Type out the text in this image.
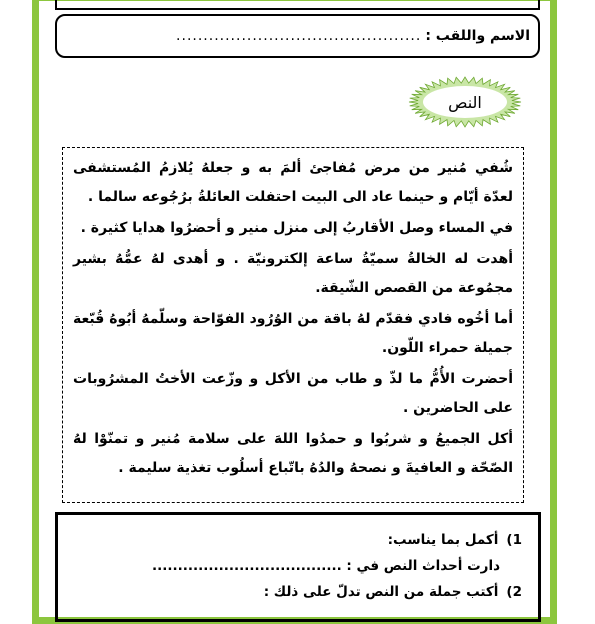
الاسم واللقب :
.............................................
النص

شُفي مُنير من مرض مُفاجئ ألمَ به و جعلهُ يُلازمُ المُستشفى لعدّة أيّام و حينما عاد الى البيت احتفلت العائلةُ برُجُوعه سالما .

في المساء وصل الأقاربُ إلى منزل منير و أحضرُوا هدايا كثيرة .

أهدت له الخالةُ سميّةُ ساعة إلكترونيّة . و أهدى لهُ عمُّهُ بشير مجمُوعة من القصص الشّيقة.

أما أخُوه فادي فقدّم لهُ باقة من الوُرُود الفوّاحة وسلّمهُ أبُوهُ قُبّعة جميلة حمراء اللّون.

أحضرت الأُمُّ ما لذّ و طاب من الأكل و وزّعت الأختُ المشرُوبات على الحاضرين .

أكل الجميعُ و شربُوا و حمدُوا اللهَ على سلامة مُنير و تمنّوْا لهُ الصّحّة و العافيةَ و نصحهُ والدُهُ باتّباع أسلُوب تغذية سليمة .

1)أكمل بما يناسب:
دارت أحداث النص في : .....................................
2)أكتب جملة من النص تدلّ على ذلك :
